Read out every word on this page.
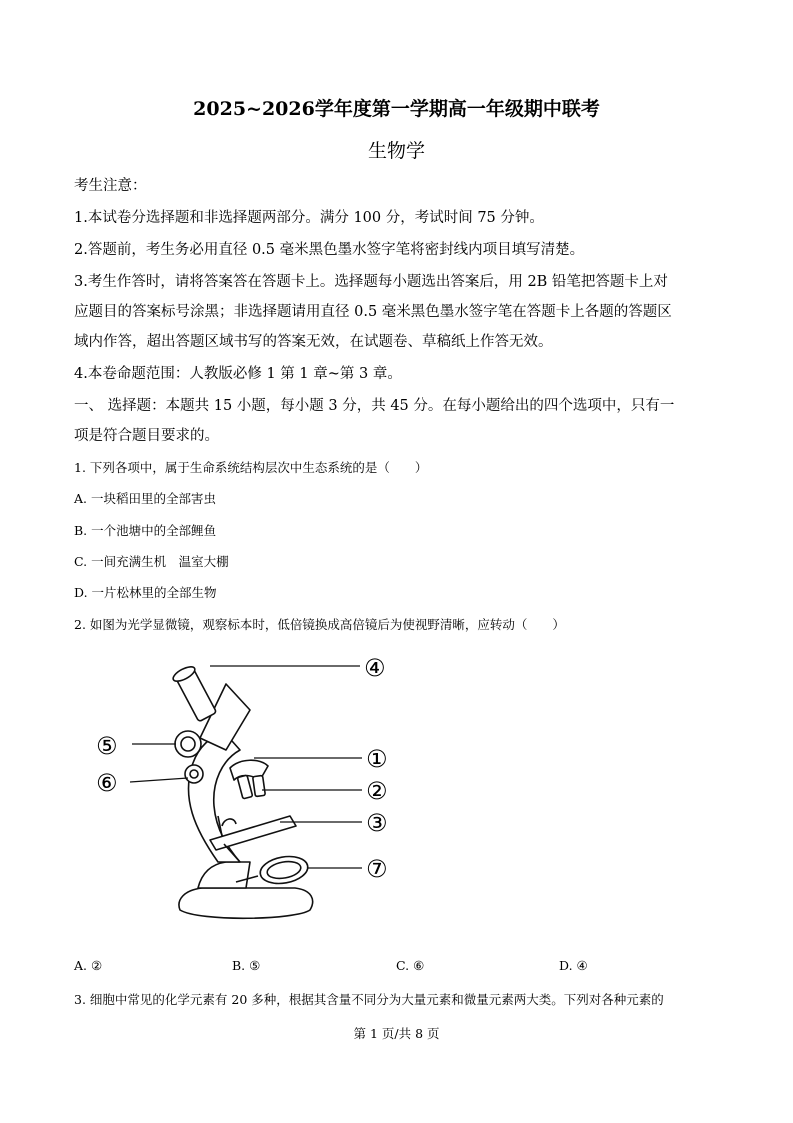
2025~2026学年度第一学期高一年级期中联考
生物学
考生注意：
1.本试卷分选择题和非选择题两部分。满分 100 分，考试时间 75 分钟。
2.答题前，考生务必用直径 0.5 毫米黑色墨水签字笔将密封线内项目填写清楚。
3.考生作答时，请将答案答在答题卡上。选择题每小题选出答案后，用 2B 铅笔把答题卡上对
应题目的答案标号涂黑；非选择题请用直径 0.5 毫米黑色墨水签字笔在答题卡上各题的答题区
域内作答，超出答题区域书写的答案无效，在试题卷、草稿纸上作答无效。
4.本卷命题范围：人教版必修 1 第 1 章~第 3 章。
一、 选择题：本题共 15 小题，每小题 3 分，共 45 分。在每小题给出的四个选项中，只有一
项是符合题目要求的。
1. 下列各项中，属于生命系统结构层次中生态系统的是（　　）
A. 一块稻田里的全部害虫
B. 一个池塘中的全部鲤鱼
C. 一间充满生机　温室大棚
D. 一片松林里的全部生物
2. 如图为光学显微镜，观察标本时，低倍镜换成高倍镜后为使视野清晰，应转动（　　）
④
①
②
③
⑦
⑤
⑥
A. ②	B. ⑤	C. ⑥	D. ④
3. 细胞中常见的化学元素有 20 多种，根据其含量不同分为大量元素和微量元素两大类。下列对各种元素的
第 1 页/共 8 页
